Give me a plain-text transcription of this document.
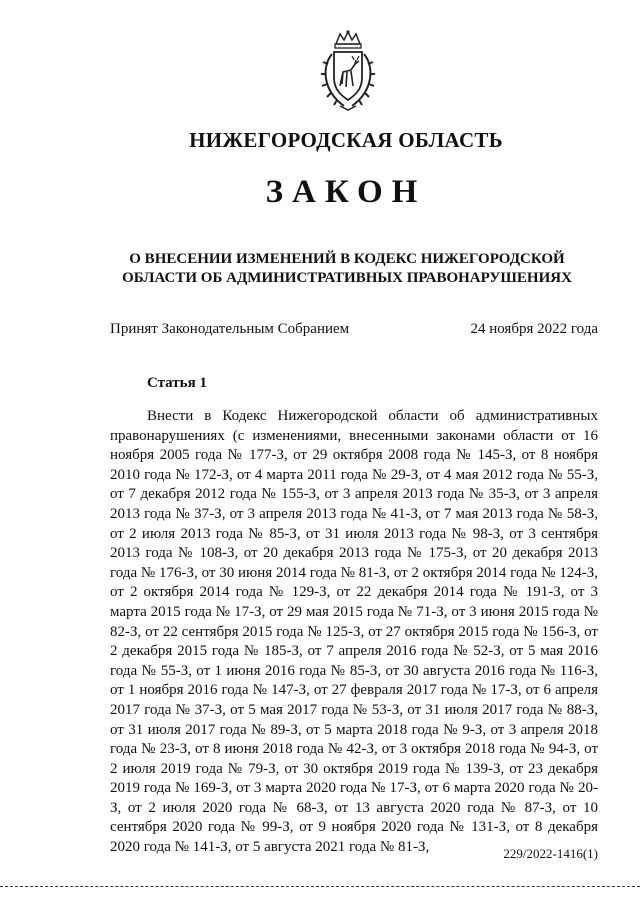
НИЖЕГОРОДСКАЯ ОБЛАСТЬ
ЗАКОН
О ВНЕСЕНИИ ИЗМЕНЕНИЙ В КОДЕКС НИЖЕГОРОДСКОЙ
ОБЛАСТИ ОБ АДМИНИСТРАТИВНЫХ ПРАВОНАРУШЕНИЯХ
Принят Законодательным Собранием	24 ноября 2022 года
Статья 1

Внести в Кодекс Нижегородской области об административных правонарушениях (с изменениями, внесенными законами области от 16 ноября 2005 года № 177-З, от 29 октября 2008 года № 145-З, от 8 ноября 2010 года № 172-З, от 4 марта 2011 года № 29-З, от 4 мая 2012 года № 55-З, от 7 декабря 2012 года № 155-З, от 3 апреля 2013 года № 35-З, от 3 апреля 2013 года № 37-З, от 3 апреля 2013 года № 41-З, от 7 мая 2013 года № 58-З, от 2 июля 2013 года № 85-З, от 31 июля 2013 года № 98-З, от 3 сентября 2013 года № 108-З, от 20 декабря 2013 года № 175-З, от 20 декабря 2013 года № 176-З, от 30 июня 2014 года № 81-З, от 2 октября 2014 года № 124-З, от 2 октября 2014 года № 129-З, от 22 декабря 2014 года № 191-З, от 3 марта 2015 года № 17-З, от 29 мая 2015 года № 71-З, от 3 июня 2015 года № 82-З, от 22 сентября 2015 года № 125-З, от 27 октября 2015 года № 156-З, от 2 декабря 2015 года № 185-З, от 7 апреля 2016 года № 52-З, от 5 мая 2016 года № 55-З, от 1 июня 2016 года № 85-З, от 30 августа 2016 года № 116-З, от 1 ноября 2016 года № 147-З, от 27 февраля 2017 года № 17-З, от 6 апреля 2017 года № 37-З, от 5 мая 2017 года № 53-З, от 31 июля 2017 года № 88-З, от 31 июля 2017 года № 89-З, от 5 марта 2018 года № 9-З, от 3 апреля 2018 года № 23-З, от 8 июня 2018 года № 42-З, от 3 октября 2018 года № 94-З, от 2 июля 2019 года № 79-З, от 30 октября 2019 года № 139-З, от 23 декабря 2019 года № 169-З, от 3 марта 2020 года № 17-З, от 6 марта 2020 года № 20-З, от 2 июля 2020 года № 68-З, от 13 августа 2020 года № 87-З, от 10 сентября 2020 года № 99-З, от 9 ноября 2020 года № 131-З, от 8 декабря 2020 года № 141-З, от 5 августа 2021 года № 81-З,	229/2022-1416(1)
